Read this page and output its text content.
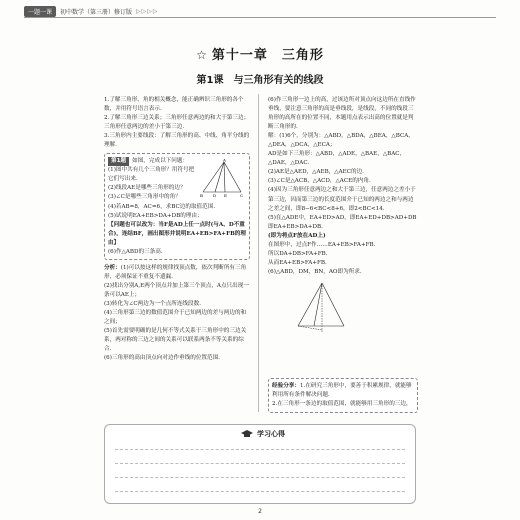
一题一课	初中数学（第三册）修订版 ▷▷▷▷
☆ 第十一章　三角形
第1课　与三角形有关的线段

1.了解三角形、角的相关概念，能正确辨识三角形的各个数，并用符号语言表示.

2.了解三角形三边关系；三角形任意两边的和大于第三边；三角形任意两边的差小于第三边.

3.三角形内主要线段：了解三角形的高、中线、角平分线的理解.

A
B	D E	C

第1题 如图，完成以下问题：

(1)图中共有几个三角形？用符号把它们写出来.

(2)线段AE是哪些三角形的边？

(3)∠C是哪些三角形中的角？

(4)若AB=8，AC=6，求BC边的取值范围.

(5)试说明EA+EB>DA+DB的理由；

【问题也可以改为：当F是AD上任一点时(与A、D不重合)，连结BF，画出图形并说明EA+EB>FA+FB的理由】

(6)作△ABD的三条高.

分析：(1)可以按这样的规律找顶点数，依次判断所有三角形，必须保证不重复不遗漏.

(2)找出分别A,E两个顶点并加上第三个顶点，A点只出现一条可以AE上；

(3)转化为∠C两边为一个点所连线段数.

(4)三角形第三边的数值范围介于已知两边的差与两边的和之间；

(5)首先需要明确的是几何不等式关系于三角形中的三边关系，两对称的三边之间的关系可以联系两条不等关系的综合.

(6)三角形的高由顶点向对边作垂线的位置范围.

(6)作三角形一边上的高，过该边所对顶点向这边所在直线作垂线，要注意三角形的高是垂线段，是线段，不同的线段三角形的高所在的位置不同，本题用点表示出高的位置就是判断三角形的.

解：(1)6个，分别为：△ABD，△BDA，△BEA，△BCA，△DEA，△DCA，△ECA；

AD是如下三角形：△ABD，△ADE，△BAE，△BAC，△DAE，△DAC.

(2)AE是△AED，△AEB，△AEC的边.

(3)∠C是△ACB，△ACD，△ACE的内角.

(4)因为三角形任意两边之和大于第三边，任意两边之差小于第三边，因而第三边的长度范围介于已知的两边之和与两边之差之间，即8−6<BC<8+6，即2<BC<14.

(5)在△ADE中，EA+ED>AD，即EA+ED+DB>AD+DB即EA+EB>DA+DB.

(即为将点F放在AD上)

在图形中，过点F作……EA+EB>FA+FB.

所以DA+DB>FA+FB.

从而EA+EB>FA+FB.

(6)△ABD，DM，BN，AO即为所求.

经验分享：1.在研究三角形中，要善于积累规律，就能够利用所有条件解决问题.

2.在三角形一条边的取值范围，就能够用三角形的三边，

学习心得
2
